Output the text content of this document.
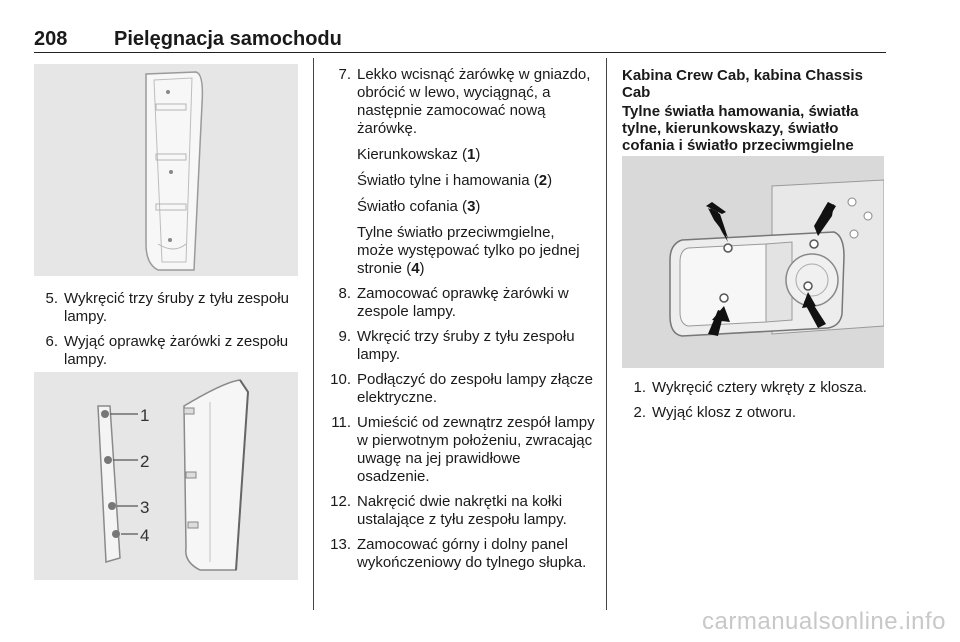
208 Pielęgnacja samochodu
5. Wykręcić trzy śruby z tyłu zespołu lampy.
6. Wyjąć oprawkę żarówki z zespołu lampy.
1
2
3
4
7. Lekko wcisnąć żarówkę w gniazdo, obrócić w lewo, wyciągnąć, a następnie zamocować nową żarówkę.
Kierunkowskaz (1)
Światło tylne i hamowania (2)
Światło cofania (3)
Tylne światło przeciwmgielne, może występować tylko po jednej stronie (4)
8. Zamocować oprawkę żarówki w zespole lampy.
9. Wkręcić trzy śruby z tyłu zespołu lampy.
10. Podłączyć do zespołu lampy złącze elektryczne.
11. Umieścić od zewnątrz zespół lampy w pierwotnym położeniu, zwracając uwagę na jej prawidłowe osadzenie.
12. Nakręcić dwie nakrętki na kołki ustalające z tyłu zespołu lampy.
13. Zamocować górny i dolny panel wykończeniowy do tylnego słupka.
Kabina Crew Cab, kabina Chassis Cab
Tylne światła hamowania, światła tylne, kierunkowskazy, światło cofania i światło przeciwmgielne
1. Wykręcić cztery wkręty z klosza.
2. Wyjąć klosz z otworu.
carmanualsonline.info
